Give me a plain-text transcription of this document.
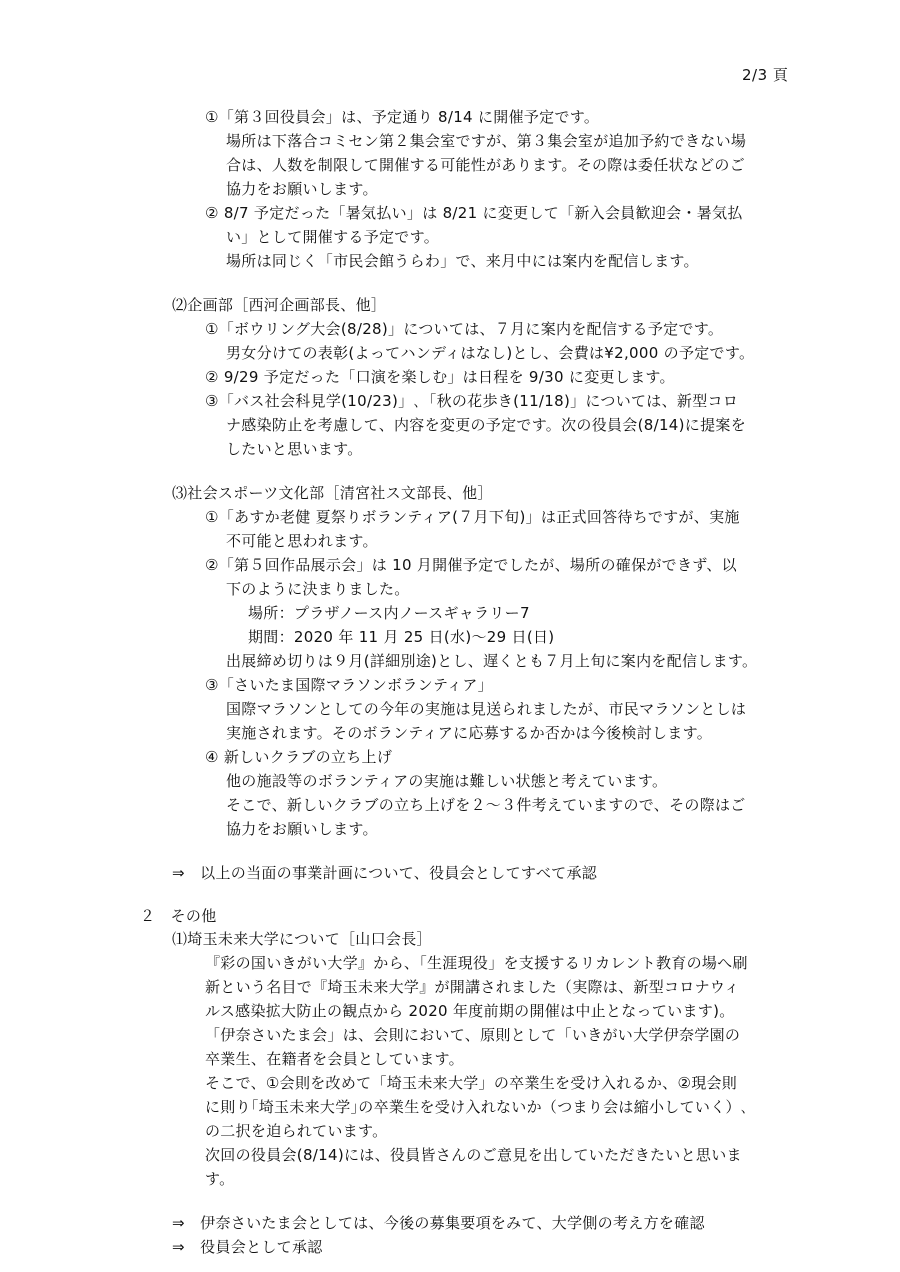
2/3 頁
①「第３回役員会」は、予定通り 8/14 に開催予定です。
場所は下落合コミセン第２集会室ですが、第３集会室が追加予約できない場
合は、人数を制限して開催する可能性があります。その際は委任状などのご
協力をお願いします。
② 8/7 予定だった「暑気払い」は 8/21 に変更して「新入会員歓迎会・暑気払
い」として開催する予定です。
場所は同じく「市民会館うらわ」で、来月中には案内を配信します。
⑵企画部［西河企画部長、他］
①「ボウリング大会(8/28)」については、７月に案内を配信する予定です。
男女分けての表彰(よってハンディはなし)とし、会費は¥2,000 の予定です。
② 9/29 予定だった「口演を楽しむ」は日程を 9/30 に変更します。
③「バス社会科見学(10/23)」､「秋の花歩き(11/18)」については、新型コロ
ナ感染防止を考慮して、内容を変更の予定です。次の役員会(8/14)に提案を
したいと思います。
⑶社会スポーツ文化部［清宮社ス文部長、他］
①「あすか老健 夏祭りボランティア(７月下旬)」は正式回答待ちですが、実施
不可能と思われます。
②「第５回作品展示会」は 10 月開催予定でしたが、場所の確保ができず、以
下のように決まりました。
場所：プラザノース内ノースギャラリー7
期間：2020 年 11 月 25 日(水)～29 日(日)
出展締め切りは９月(詳細別途)とし、遅くとも７月上旬に案内を配信します。
③「さいたま国際マラソンボランティア」
国際マラソンとしての今年の実施は見送られましたが、市民マラソンとしは
実施されます。そのボランティアに応募するか否かは今後検討します。
④ 新しいクラブの立ち上げ
他の施設等のボランティアの実施は難しい状態と考えています。
そこで、新しいクラブの立ち上げを２～３件考えていますので、その際はご
協力をお願いします。
⇒　以上の当面の事業計画について、役員会としてすべて承認
２　その他
⑴埼玉未来大学について［山口会長］
『彩の国いきがい大学』から、「生涯現役」を支援するリカレント教育の場へ刷
新という名目で『埼玉未来大学』が開講されました（実際は、新型コロナウィ
ルス感染拡大防止の観点から 2020 年度前期の開催は中止となっています)。
「伊奈さいたま会」は、会則において、原則として「いきがい大学伊奈学園の
卒業生、在籍者を会員としています。
そこで、①会則を改めて「埼玉未来大学」の卒業生を受け入れるか、②現会則
に則り｢埼玉未来大学｣の卒業生を受け入れないか（つまり会は縮小していく）､
の二択を迫られています。
次回の役員会(8/14)には、役員皆さんのご意見を出していただきたいと思いま
す。
⇒　伊奈さいたま会としては、今後の募集要項をみて、大学側の考え方を確認
⇒　役員会として承認
